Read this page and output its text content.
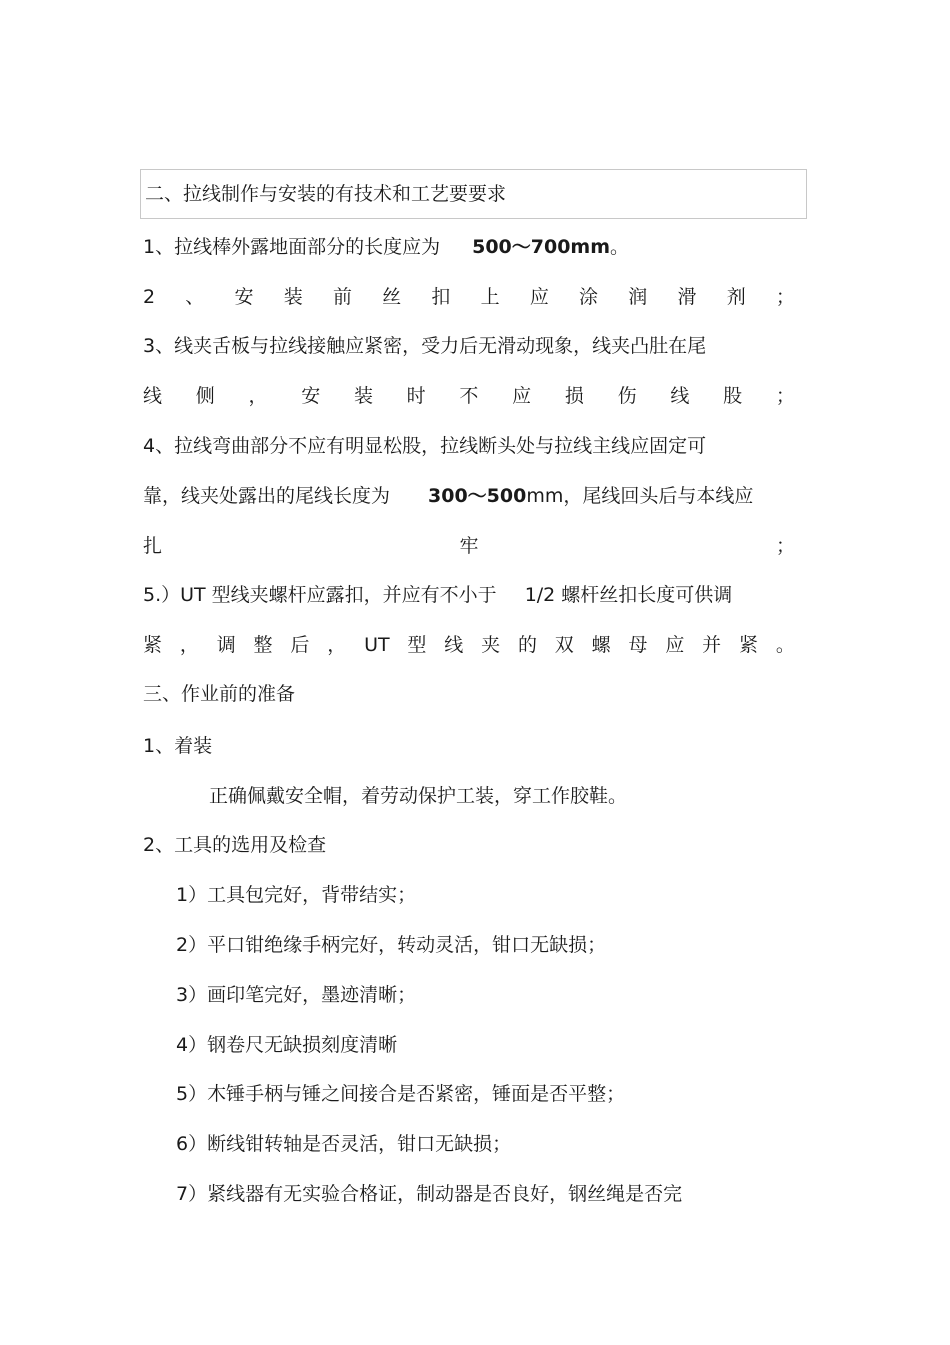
二、拉线制作与安装的有技术和工艺要要求
1、拉线棒外露地面部分的长度应为 500～700mm。
2 、 安 装 前 丝 扣 上 应 涂 润 滑 剂 ；
3、线夹舌板与拉线接触应紧密，受力后无滑动现象，线夹凸肚在尾
线 侧 ， 安 装 时 不 应 损 伤 线 股 ；
4、拉线弯曲部分不应有明显松股，拉线断头处与拉线主线应固定可
靠，线夹处露出的尾线长度为 300～500mm，尾线回头后与本线应
扎	牢	；
5.）UT 型线夹螺杆应露扣，并应有不小于 1/2 螺杆丝扣长度可供调
紧 ， 调 整 后 ， UT 型 线 夹 的 双 螺 母 应 并 紧 。
三、作业前的准备
1、着装
正确佩戴安全帽，着劳动保护工装，穿工作胶鞋。
2、工具的选用及检查
1）工具包完好，背带结实；
2）平口钳绝缘手柄完好，转动灵活，钳口无缺损；
3）画印笔完好，墨迹清晰；
4）钢卷尺无缺损刻度清晰
5）木锤手柄与锤之间接合是否紧密，锤面是否平整；
6）断线钳转轴是否灵活，钳口无缺损；
7）紧线器有无实验合格证，制动器是否良好，钢丝绳是否完
